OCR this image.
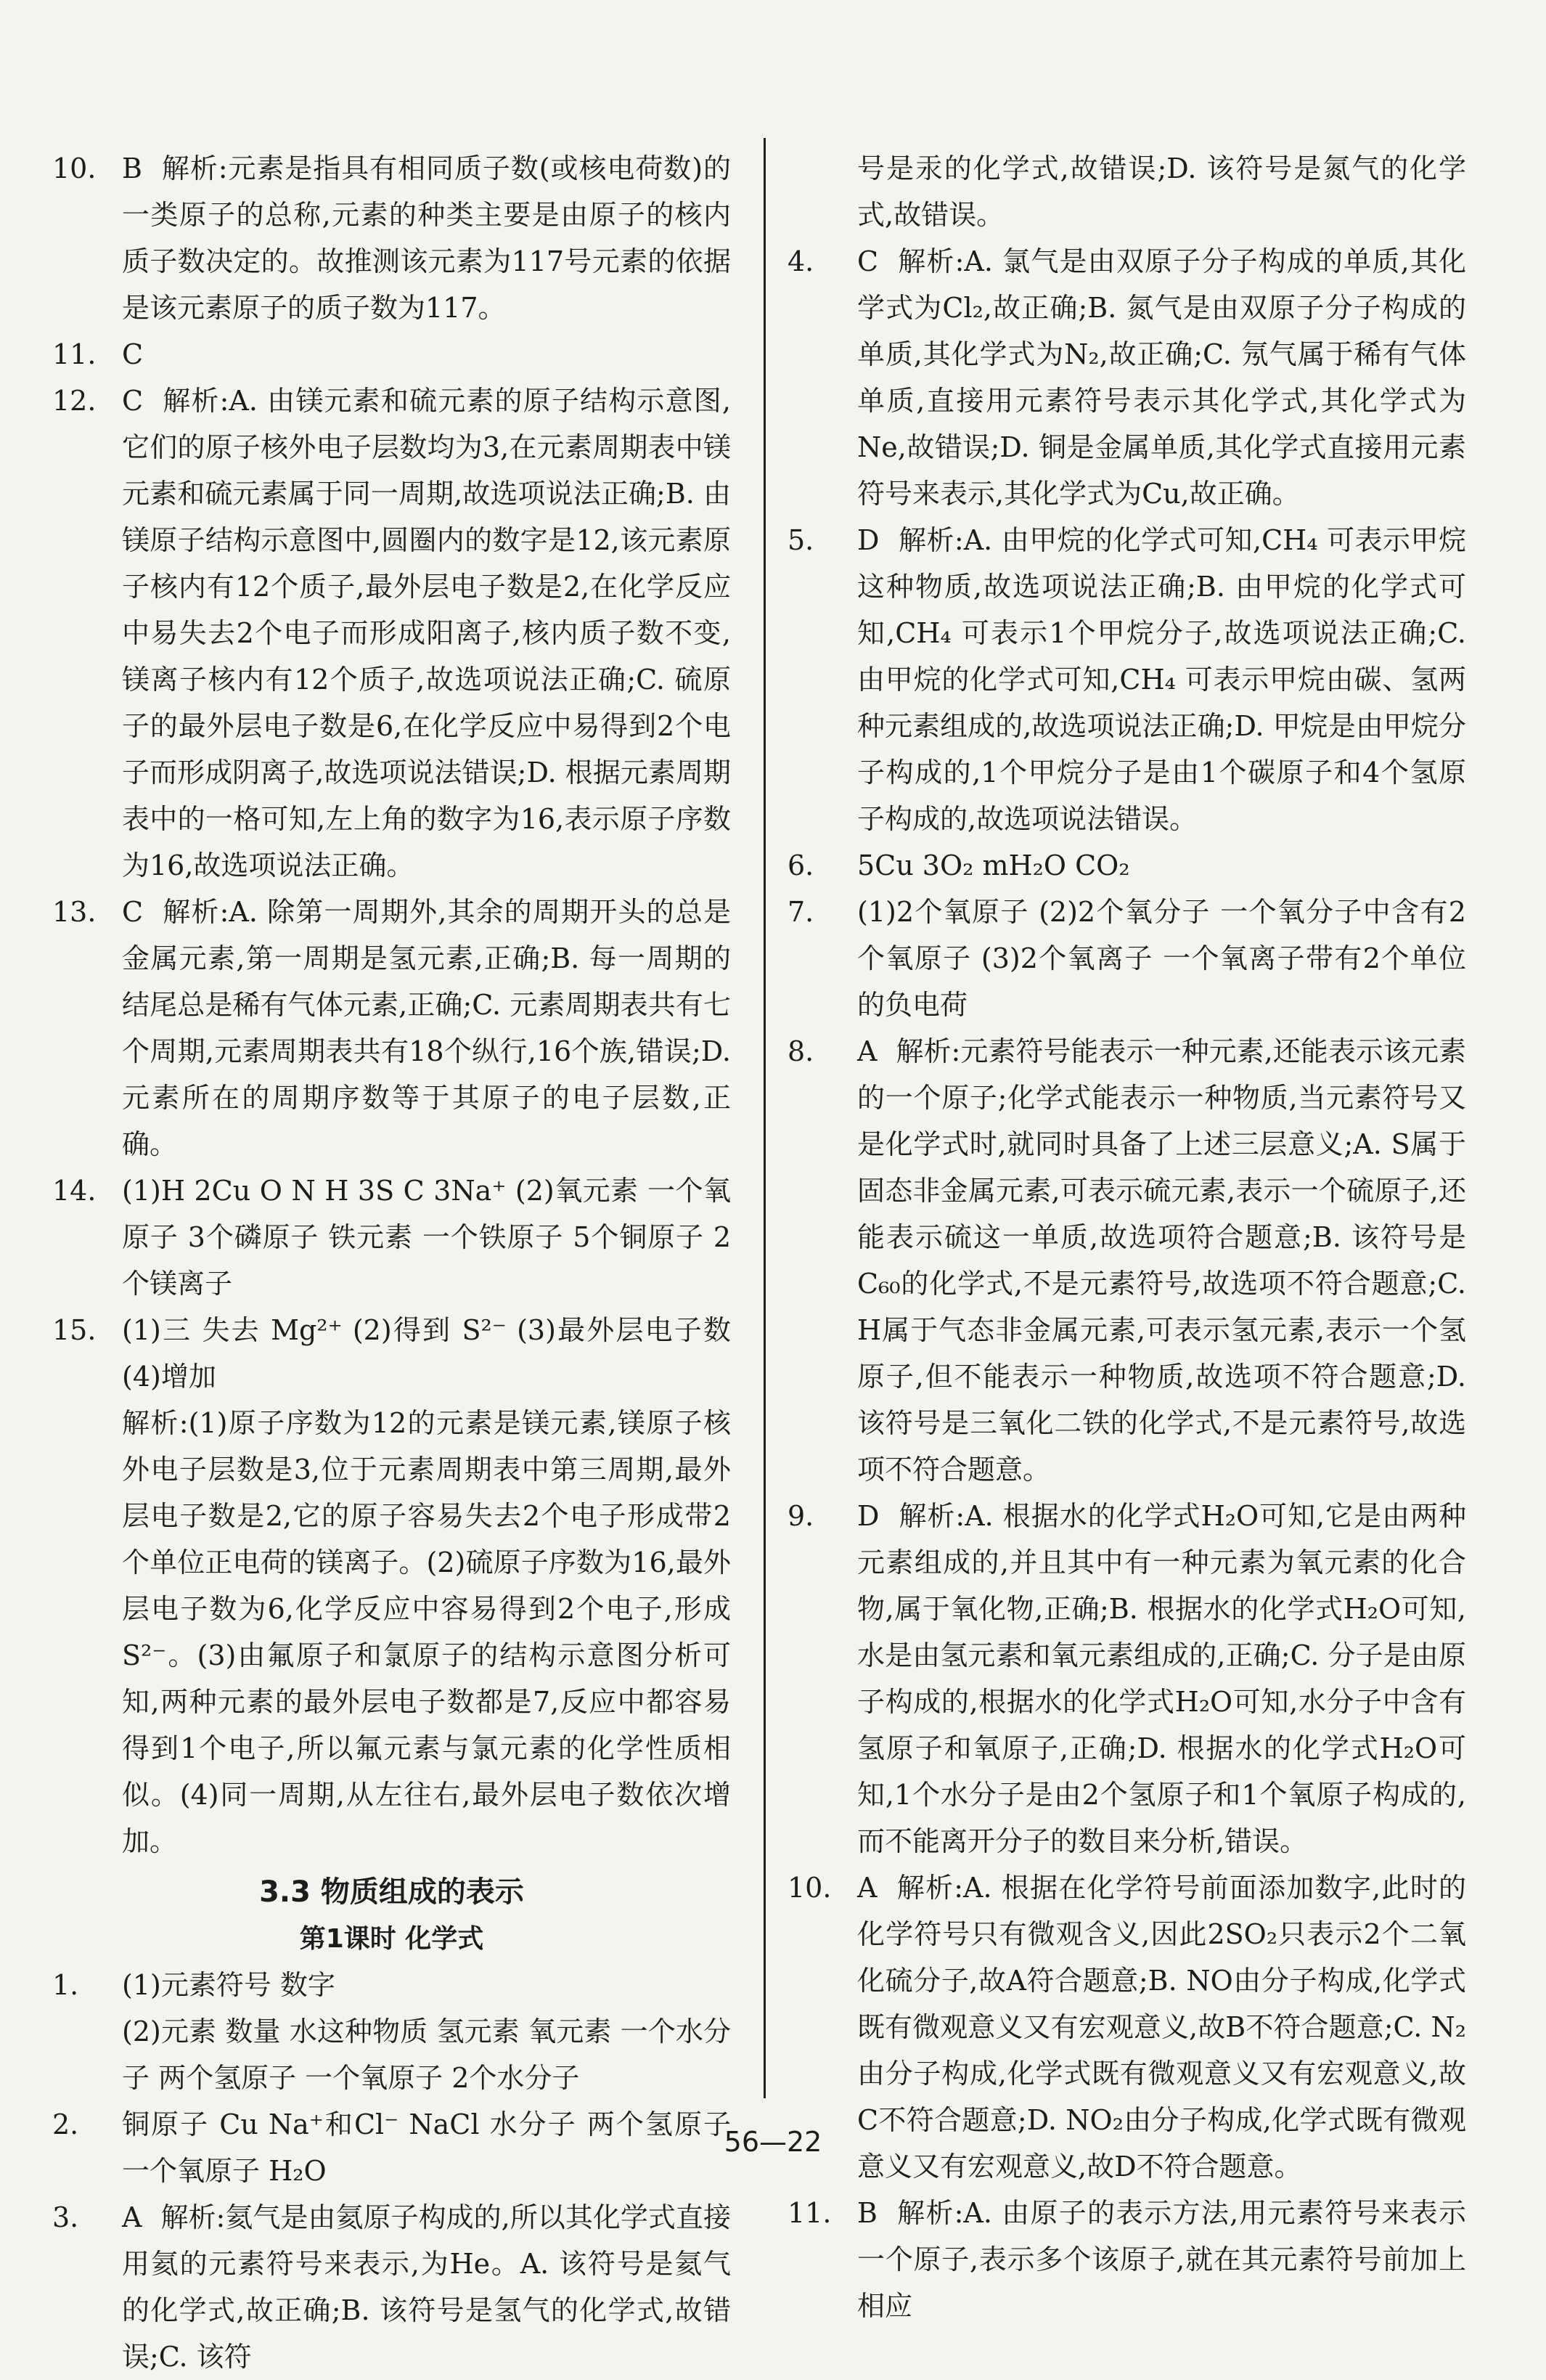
10. B 解析:元素是指具有相同质子数(或核电荷数)的一类原子的总称,元素的种类主要是由原子的核内质子数决定的。故推测该元素为117号元素的依据是该元素原子的质子数为117。
11. C
12. C 解析:A. 由镁元素和硫元素的原子结构示意图,它们的原子核外电子层数均为3,在元素周期表中镁元素和硫元素属于同一周期,故选项说法正确;B. 由镁原子结构示意图中,圆圈内的数字是12,该元素原子核内有12个质子,最外层电子数是2,在化学反应中易失去2个电子而形成阳离子,核内质子数不变,镁离子核内有12个质子,故选项说法正确;C. 硫原子的最外层电子数是6,在化学反应中易得到2个电子而形成阴离子,故选项说法错误;D. 根据元素周期表中的一格可知,左上角的数字为16,表示原子序数为16,故选项说法正确。
13. C 解析:A. 除第一周期外,其余的周期开头的总是金属元素,第一周期是氢元素,正确;B. 每一周期的结尾总是稀有气体元素,正确;C. 元素周期表共有七个周期,元素周期表共有18个纵行,16个族,错误;D. 元素所在的周期序数等于其原子的电子层数,正确。
14. (1)H 2Cu O N H 3S C 3Na⁺ (2)氧元素 一个氧原子 3个磷原子 铁元素 一个铁原子 5个铜原子 2个镁离子
15. (1)三 失去 Mg²⁺ (2)得到 S²⁻ (3)最外层电子数 (4)增加
解析:(1)原子序数为12的元素是镁元素,镁原子核外电子层数是3,位于元素周期表中第三周期,最外层电子数是2,它的原子容易失去2个电子形成带2个单位正电荷的镁离子。(2)硫原子序数为16,最外层电子数为6,化学反应中容易得到2个电子,形成S²⁻。(3)由氟原子和氯原子的结构示意图分析可知,两种元素的最外层电子数都是7,反应中都容易得到1个电子,所以氟元素与氯元素的化学性质相似。(4)同一周期,从左往右,最外层电子数依次增加。
3.3 物质组成的表示
第1课时 化学式
1. (1)元素符号 数字
(2)元素 数量 水这种物质 氢元素 氧元素 一个水分子 两个氢原子 一个氧原子 2个水分子
2. 铜原子 Cu Na⁺和Cl⁻ NaCl 水分子 两个氢原子 一个氧原子 H₂O
3. A 解析:氦气是由氦原子构成的,所以其化学式直接用氦的元素符号来表示,为He。A. 该符号是氦气的化学式,故正确;B. 该符号是氢气的化学式,故错误;C. 该符
号是汞的化学式,故错误;D. 该符号是氮气的化学式,故错误。
4. C 解析:A. 氯气是由双原子分子构成的单质,其化学式为Cl₂,故正确;B. 氮气是由双原子分子构成的单质,其化学式为N₂,故正确;C. 氖气属于稀有气体单质,直接用元素符号表示其化学式,其化学式为Ne,故错误;D. 铜是金属单质,其化学式直接用元素符号来表示,其化学式为Cu,故正确。
5. D 解析:A. 由甲烷的化学式可知,CH₄ 可表示甲烷这种物质,故选项说法正确;B. 由甲烷的化学式可知,CH₄ 可表示1个甲烷分子,故选项说法正确;C. 由甲烷的化学式可知,CH₄ 可表示甲烷由碳、氢两种元素组成的,故选项说法正确;D. 甲烷是由甲烷分子构成的,1个甲烷分子是由1个碳原子和4个氢原子构成的,故选项说法错误。
6. 5Cu 3O₂ mH₂O CO₂
7. (1)2个氧原子 (2)2个氧分子 一个氧分子中含有2个氧原子 (3)2个氧离子 一个氧离子带有2个单位的负电荷
8. A 解析:元素符号能表示一种元素,还能表示该元素的一个原子;化学式能表示一种物质,当元素符号又是化学式时,就同时具备了上述三层意义;A. S属于固态非金属元素,可表示硫元素,表示一个硫原子,还能表示硫这一单质,故选项符合题意;B. 该符号是C₆₀的化学式,不是元素符号,故选项不符合题意;C. H属于气态非金属元素,可表示氢元素,表示一个氢原子,但不能表示一种物质,故选项不符合题意;D. 该符号是三氧化二铁的化学式,不是元素符号,故选项不符合题意。
9. D 解析:A. 根据水的化学式H₂O可知,它是由两种元素组成的,并且其中有一种元素为氧元素的化合物,属于氧化物,正确;B. 根据水的化学式H₂O可知,水是由氢元素和氧元素组成的,正确;C. 分子是由原子构成的,根据水的化学式H₂O可知,水分子中含有氢原子和氧原子,正确;D. 根据水的化学式H₂O可知,1个水分子是由2个氢原子和1个氧原子构成的,而不能离开分子的数目来分析,错误。
10. A 解析:A. 根据在化学符号前面添加数字,此时的化学符号只有微观含义,因此2SO₂只表示2个二氧化硫分子,故A符合题意;B. NO由分子构成,化学式既有微观意义又有宏观意义,故B不符合题意;C. N₂由分子构成,化学式既有微观意义又有宏观意义,故C不符合题意;D. NO₂由分子构成,化学式既有微观意义又有宏观意义,故D不符合题意。
11. B 解析:A. 由原子的表示方法,用元素符号来表示一个原子,表示多个该原子,就在其元素符号前加上相应
56—22
